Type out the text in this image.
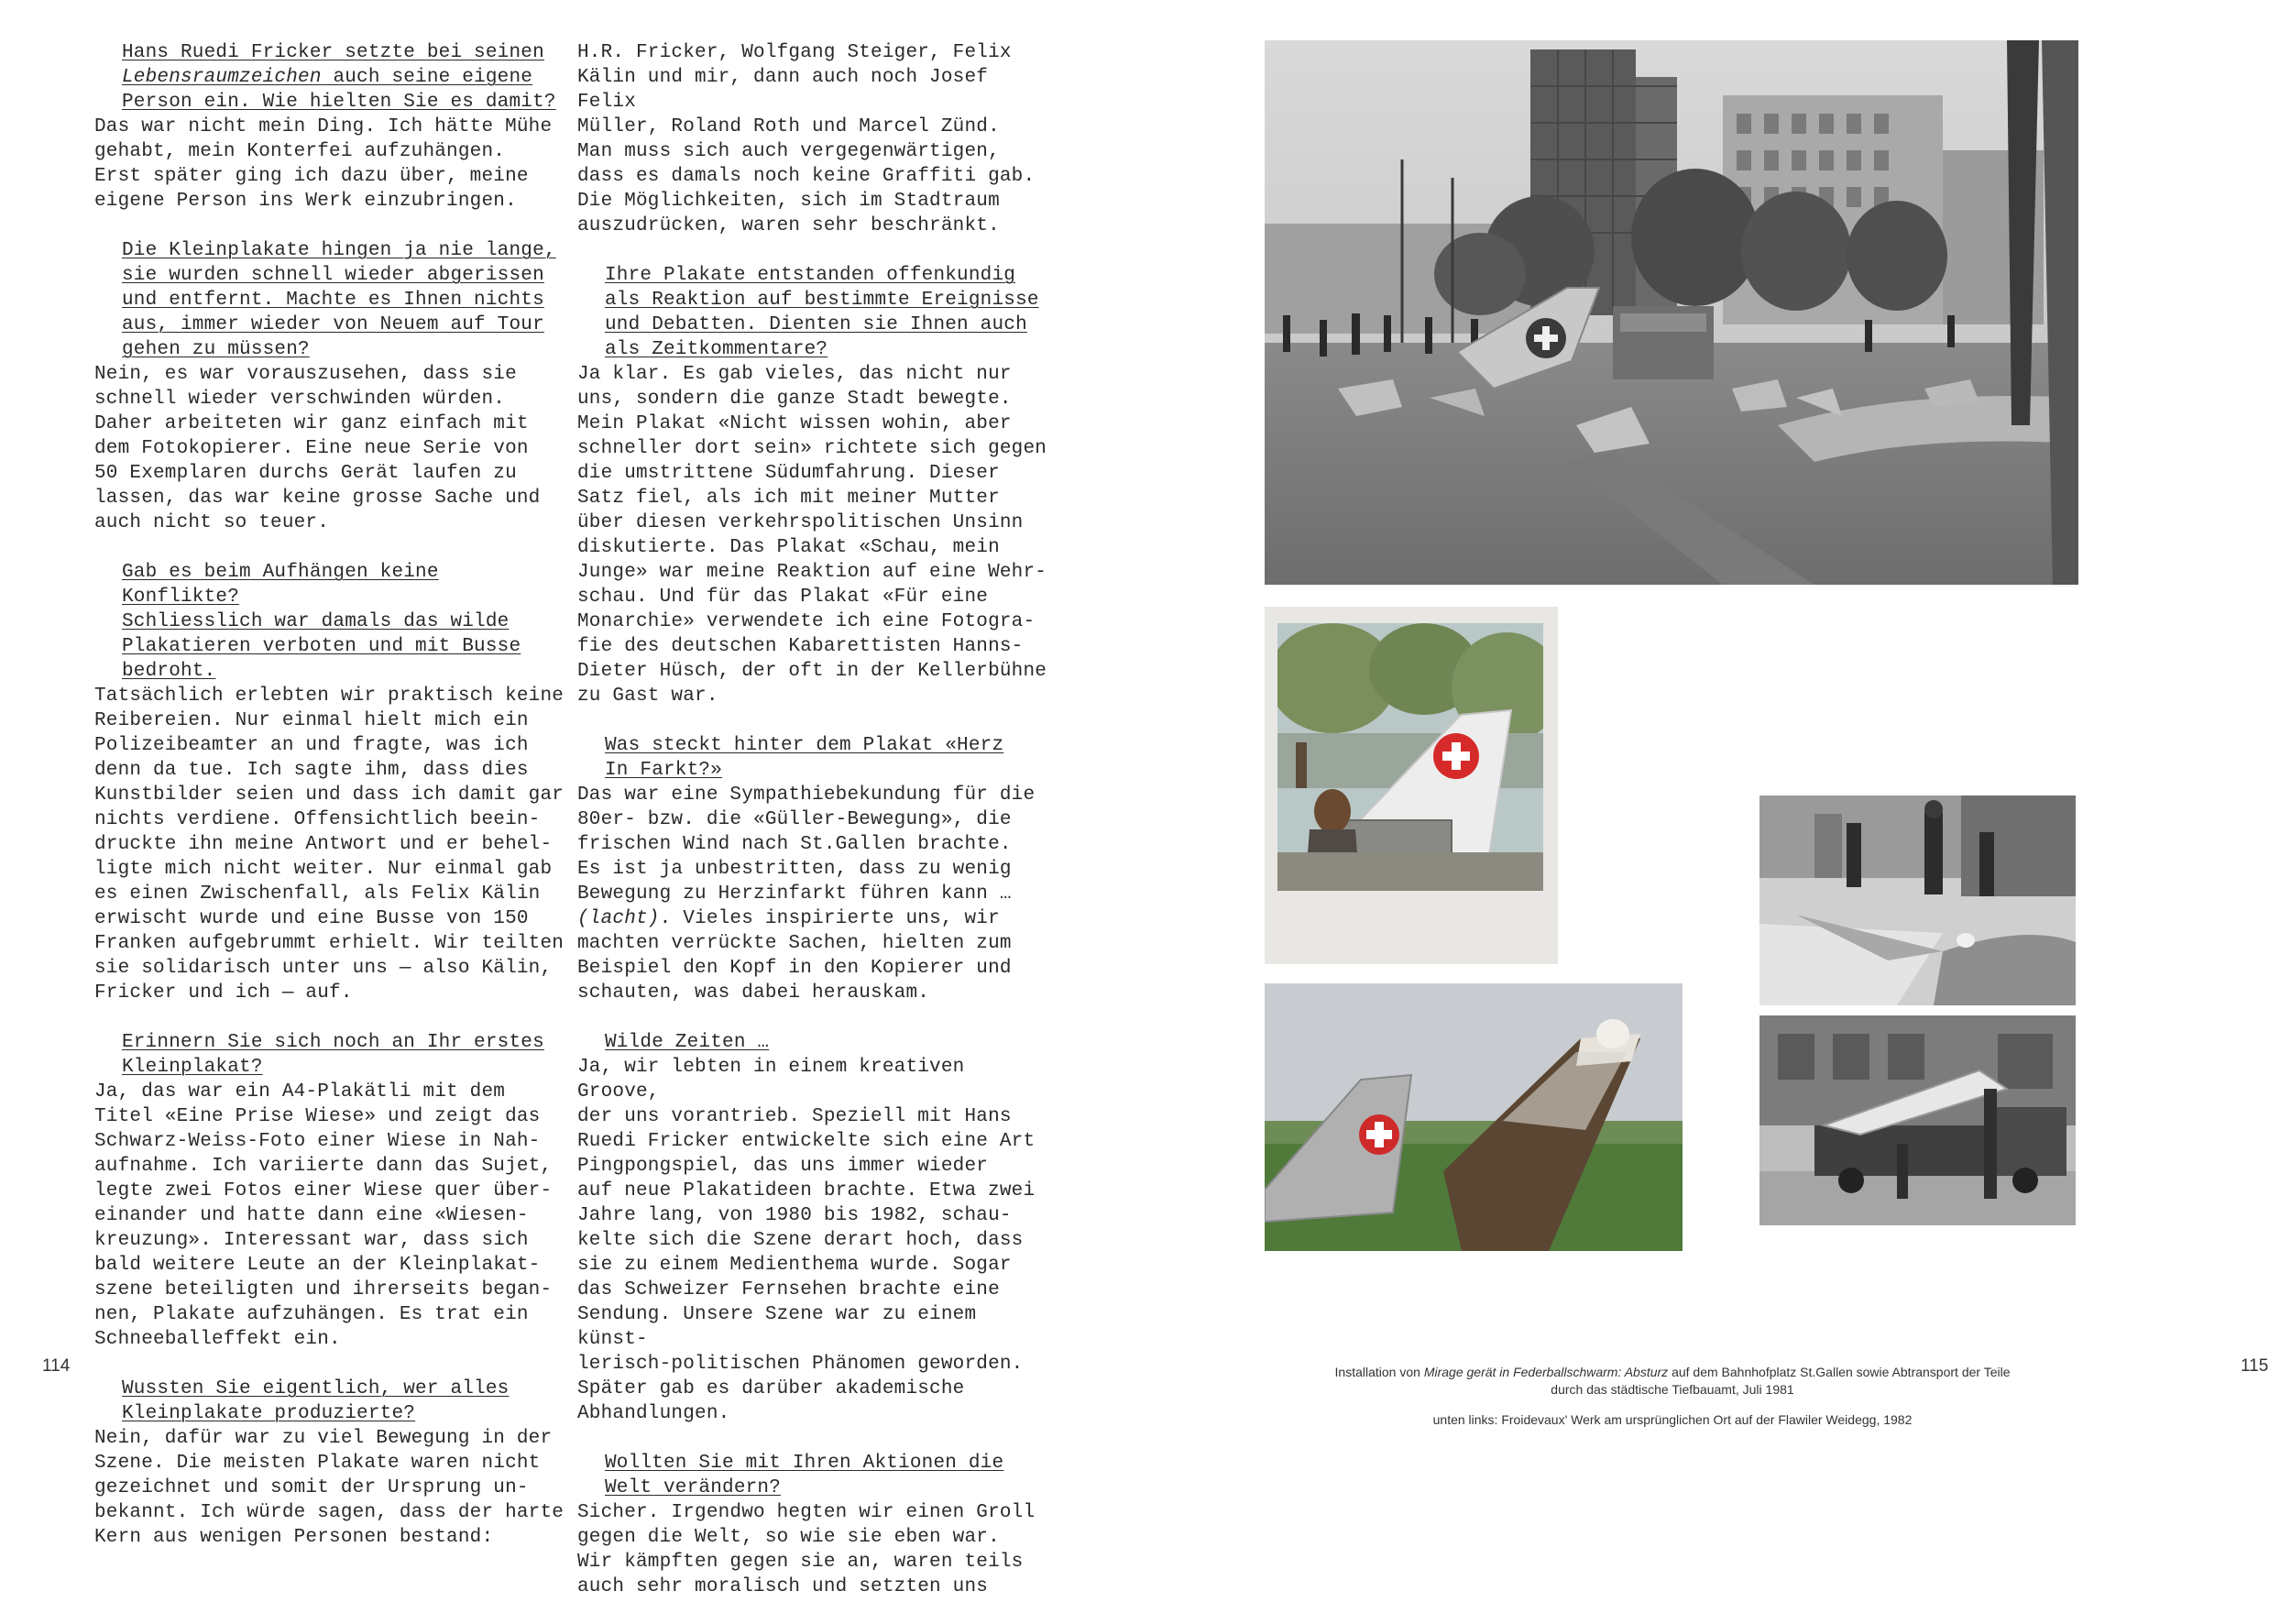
Hans Ruedi Fricker setzte bei seinen
Lebensraumzeichen auch seine eigene
Person ein. Wie hielten Sie es damit?
Das war nicht mein Ding. Ich hätte Mühe
gehabt, mein Konterfei aufzuhängen.
Erst später ging ich dazu über, meine
eigene Person ins Werk einzubringen.
Die Kleinplakate hingen ja nie lange,
sie wurden schnell wieder abgerissen
und entfernt. Machte es Ihnen nichts
aus, immer wieder von Neuem auf Tour
gehen zu müssen?
Nein, es war vorauszusehen, dass sie
schnell wieder verschwinden würden.
Daher arbeiteten wir ganz einfach mit
dem Fotokopierer. Eine neue Serie von
50 Exemplaren durchs Gerät laufen zu
lassen, das war keine grosse Sache und
auch nicht so teuer.
Gab es beim Aufhängen keine Konflikte?
Schliesslich war damals das wilde
Plakatieren verboten und mit Busse
bedroht.
Tatsächlich erlebten wir praktisch keine
Reibereien. Nur einmal hielt mich ein
Polizeibeamter an und fragte, was ich
denn da tue. Ich sagte ihm, dass dies
Kunstbilder seien und dass ich damit gar
nichts verdiene. Offensichtlich beein-
druckte ihn meine Antwort und er behel-
ligte mich nicht weiter. Nur einmal gab
es einen Zwischenfall, als Felix Kälin
erwischt wurde und eine Busse von 150
Franken aufgebrummt erhielt. Wir teilten
sie solidarisch unter uns — also Kälin,
Fricker und ich — auf.
Erinnern Sie sich noch an Ihr erstes
Kleinplakat?
Ja, das war ein A4-Plakätli mit dem
Titel «Eine Prise Wiese» und zeigt das
Schwarz-Weiss-Foto einer Wiese in Nah-
aufnahme. Ich variierte dann das Sujet,
legte zwei Fotos einer Wiese quer über-
einander und hatte dann eine «Wiesen-
kreuzung». Interessant war, dass sich
bald weitere Leute an der Kleinplakat-
szene beteiligten und ihrerseits began-
nen, Plakate aufzuhängen. Es trat ein
Schneeballeffekt ein.
Wussten Sie eigentlich, wer alles
Kleinplakate produzierte?
Nein, dafür war zu viel Bewegung in der
Szene. Die meisten Plakate waren nicht
gezeichnet und somit der Ursprung un-
bekannt. Ich würde sagen, dass der harte
Kern aus wenigen Personen bestand:
H.R. Fricker, Wolfgang Steiger, Felix
Kälin und mir, dann auch noch Josef Felix
Müller, Roland Roth und Marcel Zünd.
Man muss sich auch vergegenwärtigen,
dass es damals noch keine Graffiti gab.
Die Möglichkeiten, sich im Stadtraum
auszudrücken, waren sehr beschränkt.
Ihre Plakate entstanden offenkundig
als Reaktion auf bestimmte Ereignisse
und Debatten. Dienten sie Ihnen auch
als Zeitkommentare?
Ja klar. Es gab vieles, das nicht nur
uns, sondern die ganze Stadt bewegte.
Mein Plakat «Nicht wissen wohin, aber
schneller dort sein» richtete sich gegen
die umstrittene Südumfahrung. Dieser
Satz fiel, als ich mit meiner Mutter
über diesen verkehrspolitischen Unsinn
diskutierte. Das Plakat «Schau, mein
Junge» war meine Reaktion auf eine Wehr-
schau. Und für das Plakat «Für eine
Monarchie» verwendete ich eine Fotogra-
fie des deutschen Kabarettisten Hanns-
Dieter Hüsch, der oft in der Kellerbühne
zu Gast war.
Was steckt hinter dem Plakat «Herz
In Farkt?»
Das war eine Sympathiebekundung für die
80er- bzw. die «Güller-Bewegung», die
frischen Wind nach St.Gallen brachte.
Es ist ja unbestritten, dass zu wenig
Bewegung zu Herzinfarkt führen kann …
(lacht). Vieles inspirierte uns, wir
machten verrückte Sachen, hielten zum
Beispiel den Kopf in den Kopierer und
schauten, was dabei herauskam.
Wilde Zeiten …
Ja, wir lebten in einem kreativen Groove,
der uns vorantrieb. Speziell mit Hans
Ruedi Fricker entwickelte sich eine Art
Pingpongspiel, das uns immer wieder
auf neue Plakatideen brachte. Etwa zwei
Jahre lang, von 1980 bis 1982, schau-
kelte sich die Szene derart hoch, dass
sie zu einem Medienthema wurde. Sogar
das Schweizer Fernsehen brachte eine
Sendung. Unsere Szene war zu einem künst-
lerisch-politischen Phänomen geworden.
Später gab es darüber akademische
Abhandlungen.
Wollten Sie mit Ihren Aktionen die
Welt verändern?
Sicher. Irgendwo hegten wir einen Groll
gegen die Welt, so wie sie eben war.
Wir kämpften gegen sie an, waren teils
auch sehr moralisch und setzten uns
114	Installation von Mirage gerät in Federballschwarm: Absturz auf dem Bahnhofplatz St.Gallen sowie Abtransport der Teile
durch das städtische Tiefbauamt, Juli 1981
unten links: Froidevaux' Werk am ursprünglichen Ort auf der Flawiler Weidegg, 1982
115
